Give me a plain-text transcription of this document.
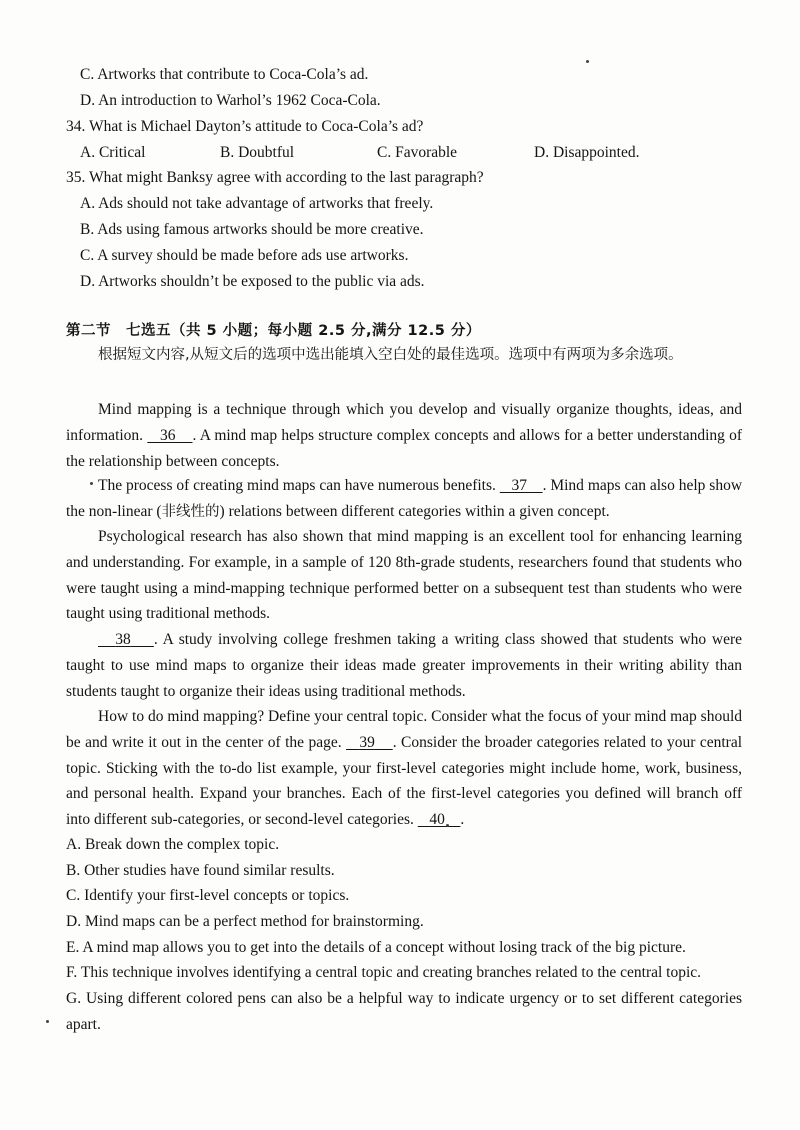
C. Artworks that contribute to Coca-Cola’s ad.
D. An introduction to Warhol’s 1962 Coca-Cola.
34. What is Michael Dayton’s attitude to Coca-Cola’s ad?
A. Critical	B. Doubtful	C. Favorable	D. Disappointed.
35. What might Banksy agree with according to the last paragraph?
A. Ads should not take advantage of artworks that freely.
B. Ads using famous artworks should be more creative.
C. A survey should be made before ads use artworks.
D. Artworks shouldn’t be exposed to the public via ads.
第二节　七选五（共 5 小题；每小题 2.5 分,满分 12.5 分）
根据短文内容,从短文后的选项中选出能填入空白处的最佳选项。选项中有两项为多余选项。
Mind mapping is a technique through which you develop and visually organize thoughts, ideas, and information. 36 . A mind map helps structure complex concepts and allows for a better understanding of the relationship between concepts.
The process of creating mind maps can have numerous benefits. 37 . Mind maps can also help show the non-linear (非线性的) relations between different categories within a given concept.
Psychological research has also shown that mind mapping is an excellent tool for enhancing learning and understanding. For example, in a sample of 120 8th-grade students, researchers found that students who were taught using a mind-mapping technique performed better on a subsequent test than students who were taught using traditional methods.
38 . A study involving college freshmen taking a writing class showed that students who were taught to use mind maps to organize their ideas made greater improvements in their writing ability than students taught to organize their ideas using traditional methods.
How to do mind mapping? Define your central topic. Consider what the focus of your mind map should be and write it out in the center of the page. 39 . Consider the broader categories related to your central topic. Sticking with the to-do list example, your first-level categories might include home, work, business, and personal health. Expand your branches. Each of the first-level categories you defined will branch off into different sub-categories, or second-level categories. 40 .
A. Break down the complex topic.
B. Other studies have found similar results.
C. Identify your first-level concepts or topics.
D. Mind maps can be a perfect method for brainstorming.
E. A mind map allows you to get into the details of a concept without losing track of the big picture.
F. This technique involves identifying a central topic and creating branches related to the central topic.
G. Using different colored pens can also be a helpful way to indicate urgency or to set different categories apart.
